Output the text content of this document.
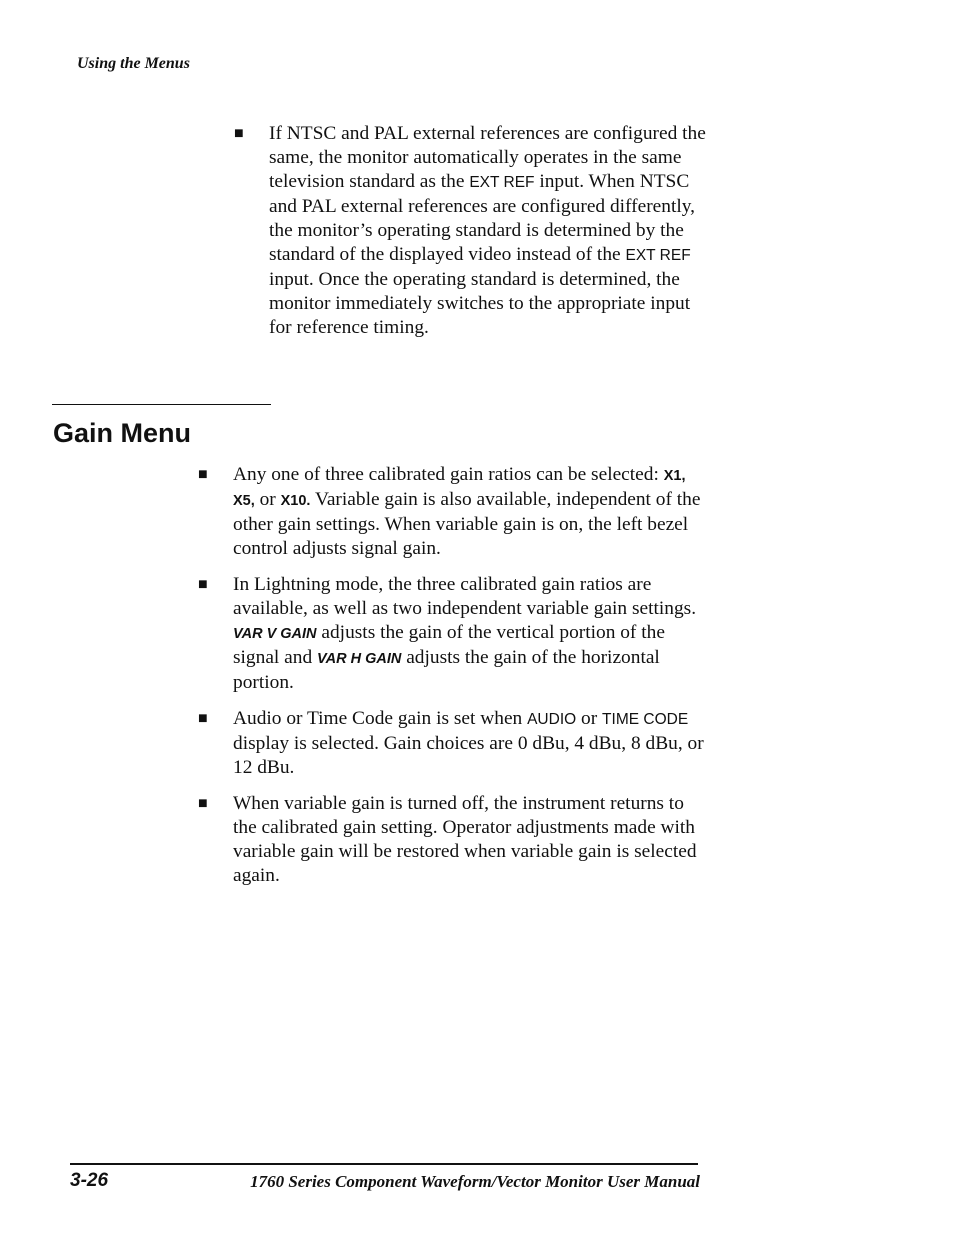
Using the Menus
■ If NTSC and PAL external references are configured the same, the monitor automatically operates in the same television standard as the EXT REF input. When NTSC and PAL external references are configured differently, the monitor’s operating standard is determined by the standard of the displayed video instead of the EXT REF input. Once the operating standard is determined, the monitor immediately switches to the appropriate input for reference timing.
Gain Menu
■ Any one of three calibrated gain ratios can be selected: X1, X5, or X10. Variable gain is also available, independent of the other gain settings. When variable gain is on, the left bezel control adjusts signal gain.
■ In Lightning mode, the three calibrated gain ratios are available, as well as two independent variable gain settings. VAR V GAIN adjusts the gain of the vertical portion of the signal and VAR H GAIN adjusts the gain of the horizontal portion.
■ Audio or Time Code gain is set when AUDIO or TIME CODE display is selected. Gain choices are 0 dBu, 4 dBu, 8 dBu, or 12 dBu.
■ When variable gain is turned off, the instrument returns to the calibrated gain setting. Operator adjustments made with variable gain will be restored when variable gain is selected again.
3-26	1760 Series Component Waveform/Vector Monitor User Manual
